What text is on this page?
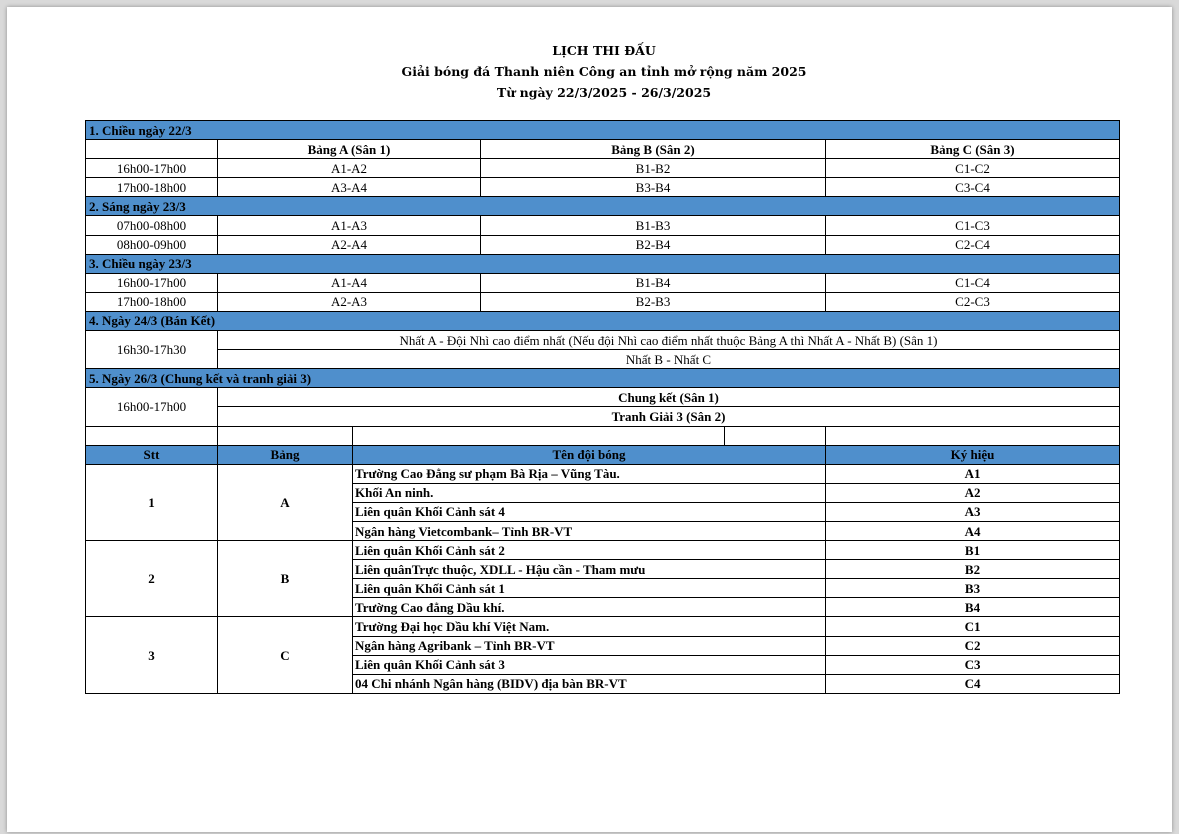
LỊCH THI ĐẤU
Giải bóng đá Thanh niên Công an tỉnh mở rộng năm 2025
Từ ngày 22/3/2025 - 26/3/2025
1. Chiều ngày 22/3					
	Bảng A (Sân 1)		Bảng B (Sân 2)		Bảng C (Sân 3)
16h00-17h00	A1-A2		B1-B2		C1-C2
17h00-18h00	A3-A4		B3-B4		C3-C4
2. Sáng ngày 23/3					
07h00-08h00	A1-A3		B1-B3		C1-C3
08h00-09h00	A2-A4		B2-B4		C2-C4
3. Chiều ngày 23/3					
16h00-17h00	A1-A4		B1-B4		C1-C4
17h00-18h00	A2-A3		B2-B3		C2-C3
4. Ngày 24/3 (Bán Kết)					
16h30-17h30	Nhất A - Đội Nhì cao điểm nhất (Nếu đội Nhì cao điểm nhất thuộc Bảng A thì Nhất A - Nhất B) (Sân 1)				
	Nhất B - Nhất C				
5. Ngày 26/3 (Chung kết và tranh giải 3)					
16h00-17h00	Chung kết (Sân 1)				
	Tranh Giải 3 (Sân 2)				

Stt	Bảng	Tên đội bóng			Ký hiệu
1	A	Trường Cao Đẳng sư phạm Bà Rịa – Vũng Tàu.			A1
		Khối An ninh.			A2
		Liên quân Khối Cảnh sát 4			A3
		Ngân hàng Vietcombank– Tỉnh BR-VT			A4
2	B	Liên quân Khối Cảnh sát 2			B1
		Liên quânTrực thuộc, XDLL - Hậu cần - Tham mưu			B2
		Liên quân Khối Cảnh sát 1			B3
		Trường Cao đẳng Dầu khí.			B4
3	C	Trường Đại học Dầu khí Việt Nam.			C1
		Ngân hàng Agribank – Tỉnh BR-VT			C2
		Liên quân Khối Cảnh sát 3			C3
		04 Chi nhánh Ngân hàng (BIDV) địa bàn BR-VT			C4
